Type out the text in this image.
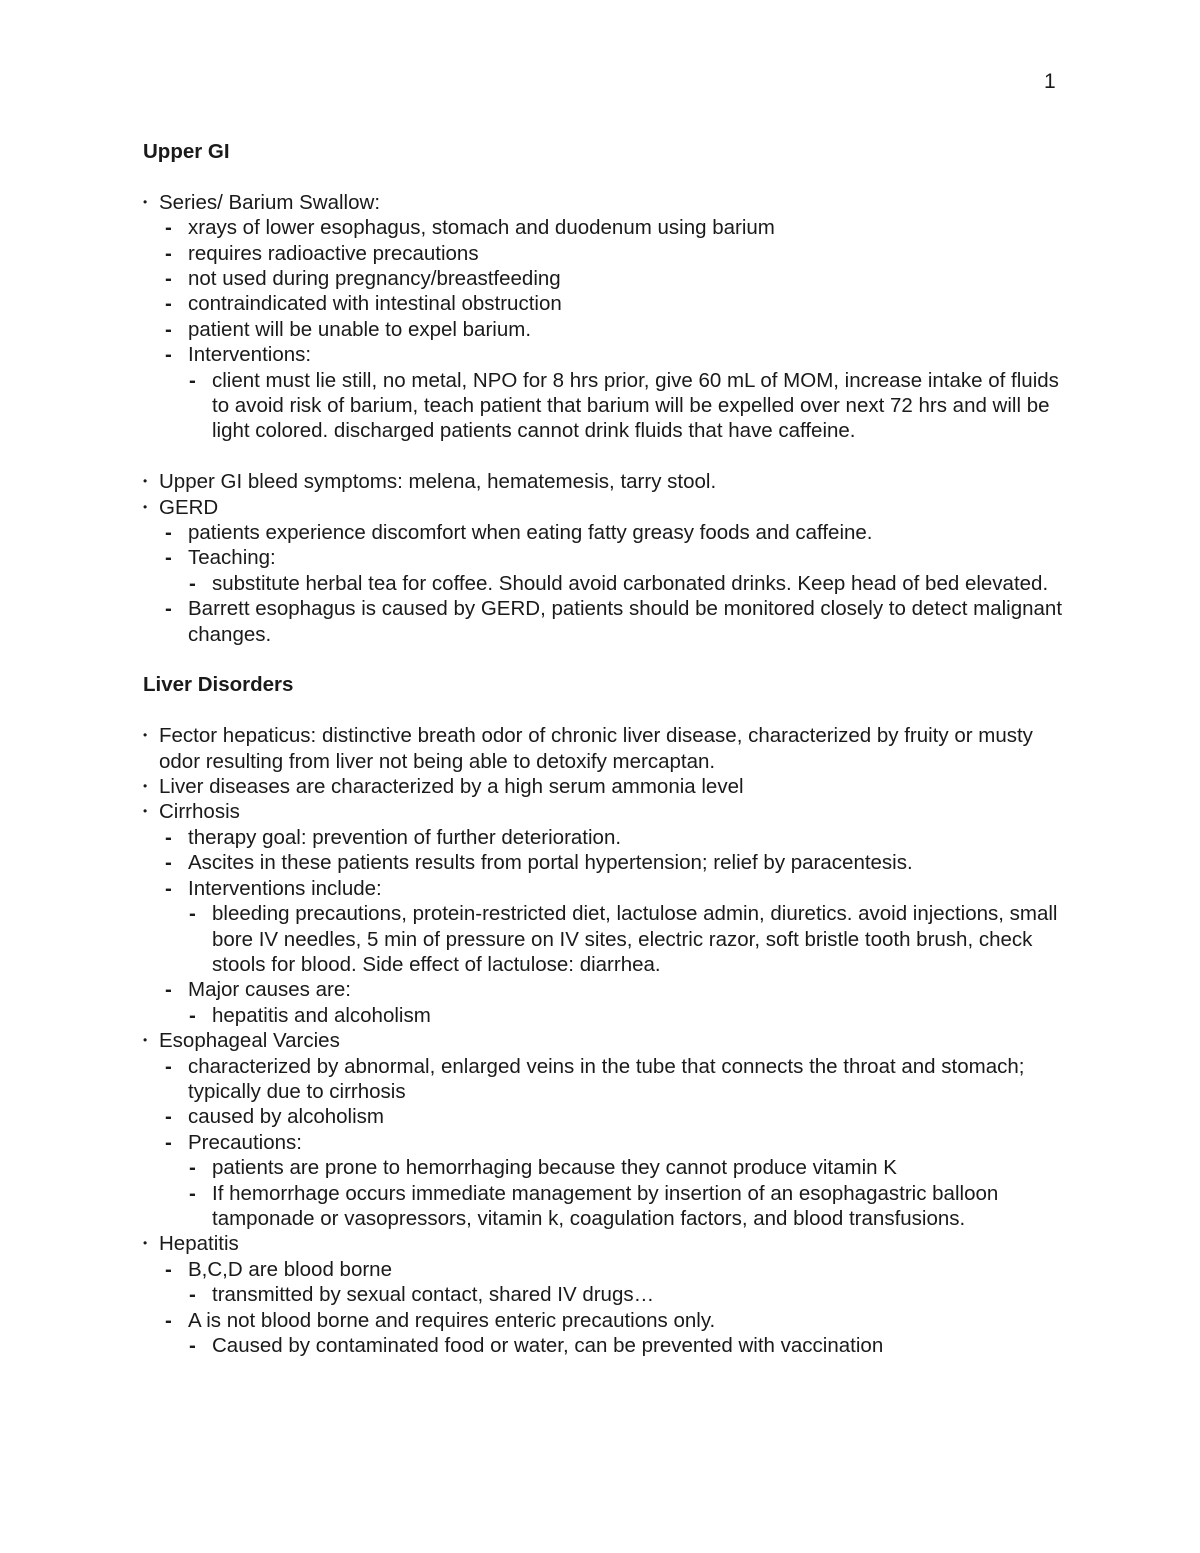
1
Upper GI
• Series/ Barium Swallow:
- xrays of lower esophagus, stomach and duodenum using barium
- requires radioactive precautions
- not used during pregnancy/breastfeeding
- contraindicated with intestinal obstruction
- patient will be unable to expel barium.
- Interventions:
- client must lie still, no metal, NPO for 8 hrs prior, give 60 mL of MOM, increase intake of fluids to avoid risk of barium, teach patient that barium will be expelled over next 72 hrs and will be light colored. discharged patients cannot drink fluids that have caffeine.
• Upper GI bleed symptoms: melena, hematemesis, tarry stool.
• GERD
- patients experience discomfort when eating fatty greasy foods and caffeine.
- Teaching:
- substitute herbal tea for coffee. Should avoid carbonated drinks. Keep head of bed elevated.
- Barrett esophagus is caused by GERD, patients should be monitored closely to detect malignant changes.
Liver Disorders
• Fector hepaticus: distinctive breath odor of chronic liver disease, characterized by fruity or musty odor resulting from liver not being able to detoxify mercaptan.
• Liver diseases are characterized by a high serum ammonia level
• Cirrhosis
- therapy goal: prevention of further deterioration.
- Ascites in these patients results from portal hypertension; relief by paracentesis.
- Interventions include:
- bleeding precautions, protein-restricted diet, lactulose admin, diuretics. avoid injections, small bore IV needles, 5 min of pressure on IV sites, electric razor, soft bristle tooth brush, check stools for blood. Side effect of lactulose: diarrhea.
- Major causes are:
- hepatitis and alcoholism
• Esophageal Varcies
- characterized by abnormal, enlarged veins in the tube that connects the throat and stomach; typically due to cirrhosis
- caused by alcoholism
- Precautions:
- patients are prone to hemorrhaging because they cannot produce vitamin K
- If hemorrhage occurs immediate management by insertion of an esophagastric balloon tamponade or vasopressors, vitamin k, coagulation factors, and blood transfusions.
• Hepatitis
- B,C,D are blood borne
- transmitted by sexual contact, shared IV drugs…
- A is not blood borne and requires enteric precautions only.
- Caused by contaminated food or water, can be prevented with vaccination
